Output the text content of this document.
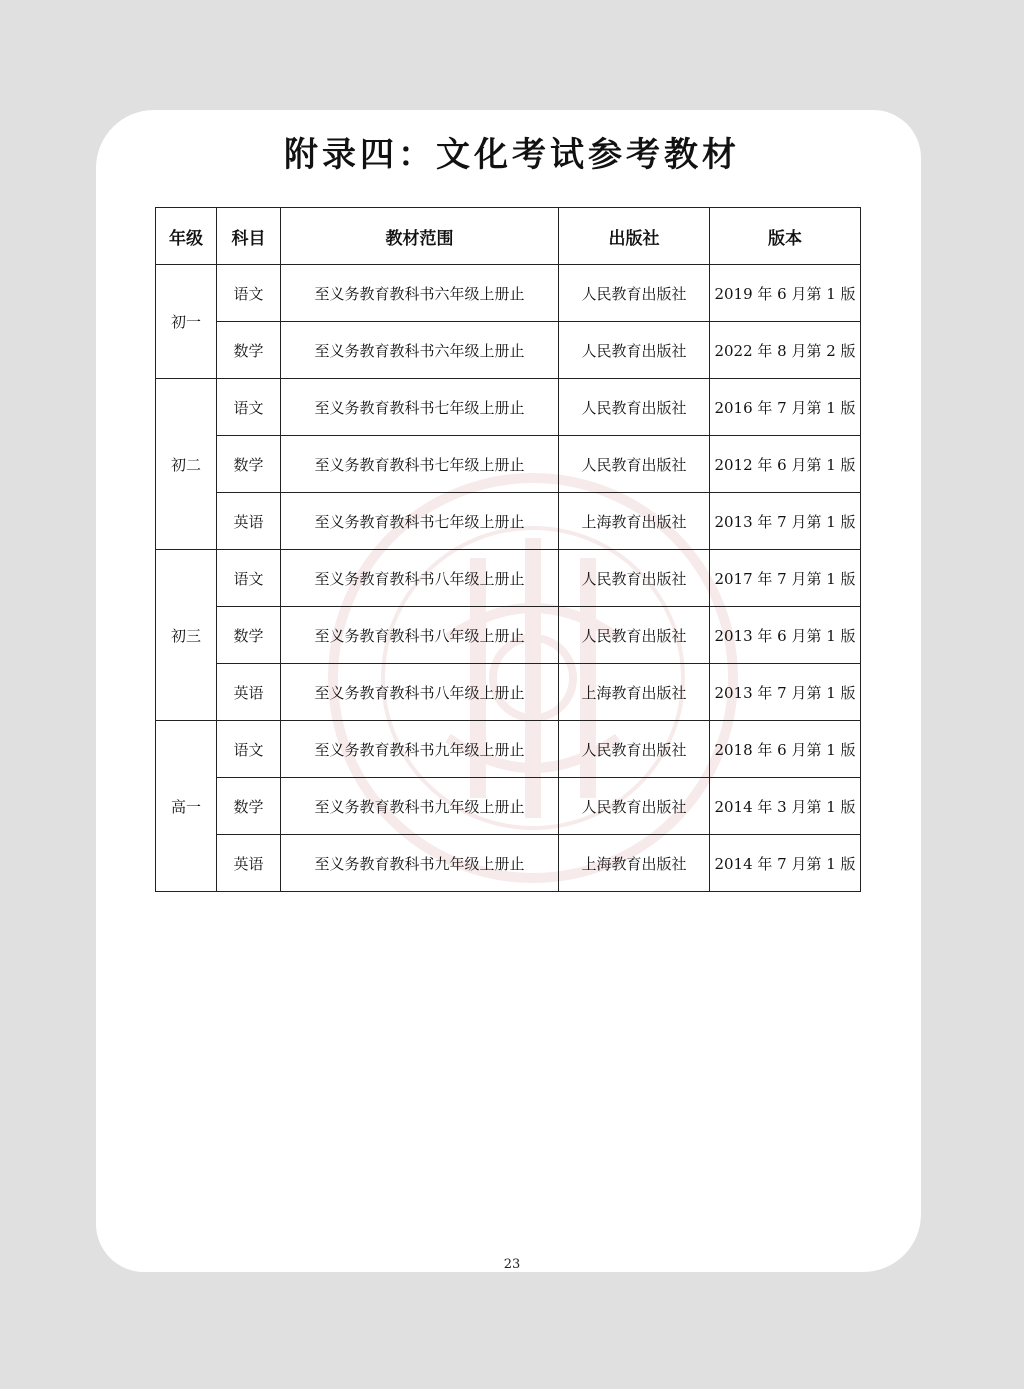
附录四：文化考试参考教材
年级	科目	教材范围	出版社	版本
初一	语文	至义务教育教科书六年级上册止	人民教育出版社	2019 年 6 月第 1 版
	数学	至义务教育教科书六年级上册止	人民教育出版社	2022 年 8 月第 2 版
初二	语文	至义务教育教科书七年级上册止	人民教育出版社	2016 年 7 月第 1 版
	数学	至义务教育教科书七年级上册止	人民教育出版社	2012 年 6 月第 1 版
	英语	至义务教育教科书七年级上册止	上海教育出版社	2013 年 7 月第 1 版
初三	语文	至义务教育教科书八年级上册止	人民教育出版社	2017 年 7 月第 1 版
	数学	至义务教育教科书八年级上册止	人民教育出版社	2013 年 6 月第 1 版
	英语	至义务教育教科书八年级上册止	上海教育出版社	2013 年 7 月第 1 版
高一	语文	至义务教育教科书九年级上册止	人民教育出版社	2018 年 6 月第 1 版
	数学	至义务教育教科书九年级上册止	人民教育出版社	2014 年 3 月第 1 版
	英语	至义务教育教科书九年级上册止	上海教育出版社	2014 年 7 月第 1 版
23
